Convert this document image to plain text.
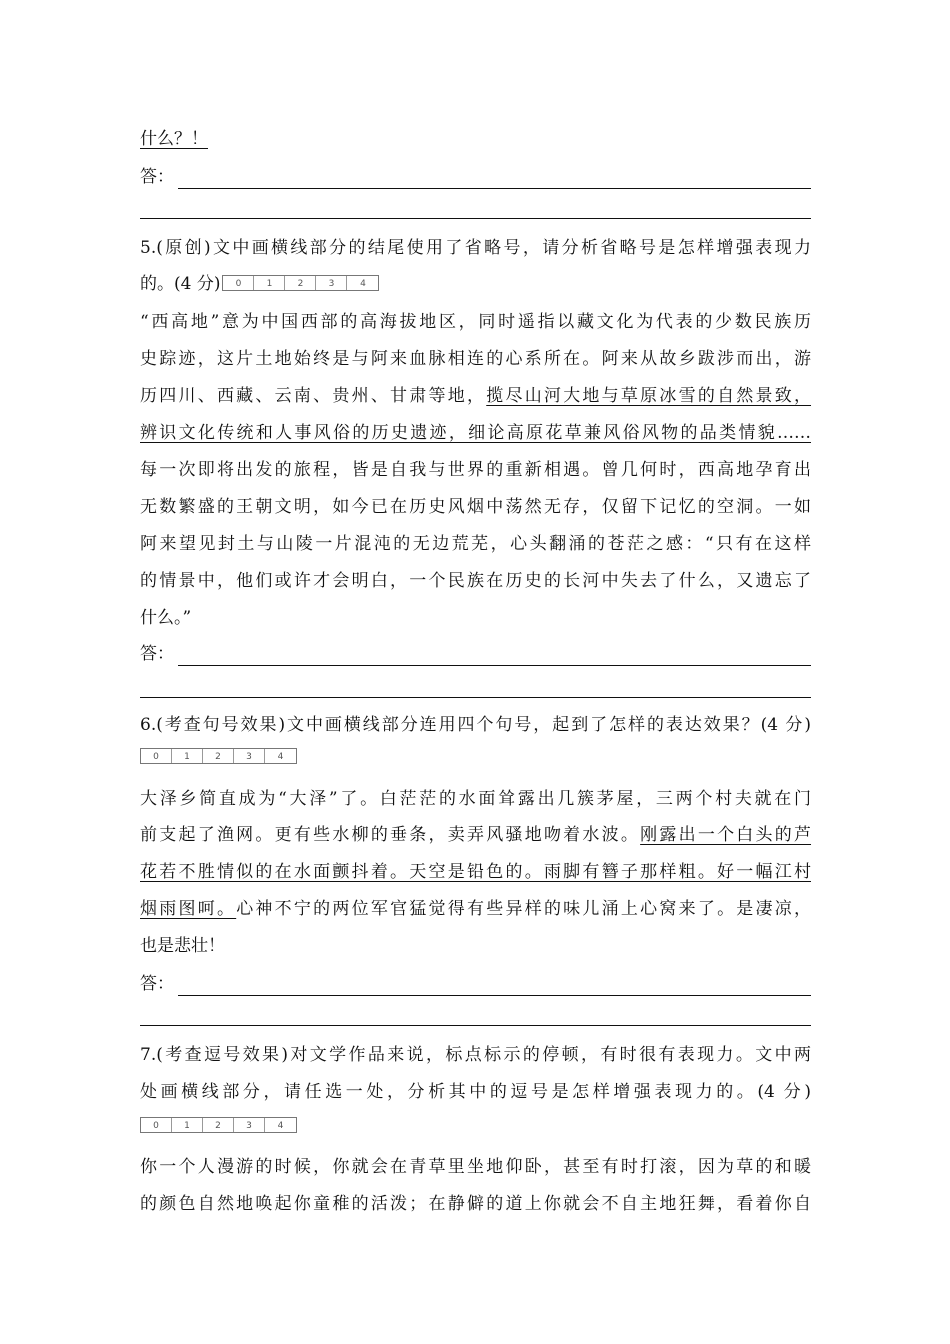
什么？！
答：
5.(原创)文中画横线部分的结尾使用了省略号，请分析省略号是怎样增强表现力
的。(4 分)	0	1	2	3	4
“西高地”意为中国西部的高海拔地区，同时遥指以藏文化为代表的少数民族历
史踪迹，这片土地始终是与阿来血脉相连的心系所在。阿来从故乡跋涉而出，游
历四川、西藏、云南、贵州、甘肃等地，揽尽山河大地与草原冰雪的自然景致，
辨识文化传统和人事风俗的历史遗迹，细论高原花草兼风俗风物的品类情貌……
每一次即将出发的旅程，皆是自我与世界的重新相遇。曾几何时，西高地孕育出
无数繁盛的王朝文明，如今已在历史风烟中荡然无存，仅留下记忆的空洞。一如
阿来望见封土与山陵一片混沌的无边荒芜，心头翻涌的苍茫之感：“只有在这样
的情景中，他们或许才会明白，一个民族在历史的长河中失去了什么，又遗忘了
什么。”
答：
6.(考查句号效果)文中画横线部分连用四个句号，起到了怎样的表达效果？(4 分)
0	1	2	3	4
大泽乡简直成为“大泽”了。白茫茫的水面耸露出几簇茅屋，三两个村夫就在门
前支起了渔网。更有些水柳的垂条，卖弄风骚地吻着水波。刚露出一个白头的芦
花若不胜情似的在水面颤抖着。天空是铅色的。雨脚有簪子那样粗。好一幅江村
烟雨图呵。心神不宁的两位军官猛觉得有些异样的味儿涌上心窝来了。是凄凉，
也是悲壮！
答：
7.(考查逗号效果)对文学作品来说，标点标示的停顿，有时很有表现力。文中两
处画横线部分，请任选一处，分析其中的逗号是怎样增强表现力的。(4 分)
0	1	2	3	4
你一个人漫游的时候，你就会在青草里坐地仰卧，甚至有时打滚，因为草的和暖
的颜色自然地唤起你童稚的活泼；在静僻的道上你就会不自主地狂舞，看着你自
